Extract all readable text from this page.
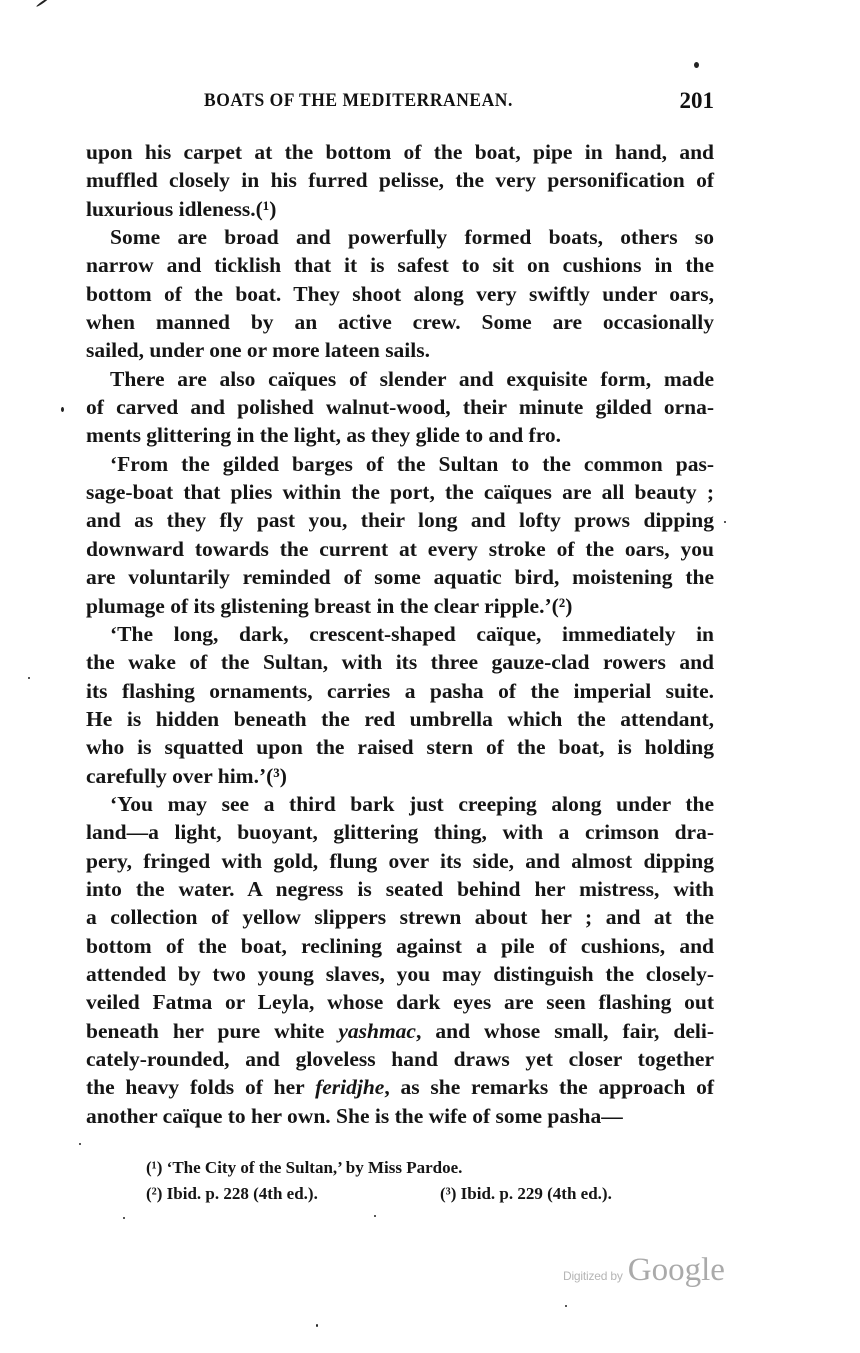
BOATS OF THE MEDITERRANEAN.	201
upon his carpet at the bottom of the boat, pipe in hand, and
muffled closely in his furred pelisse, the very personification of
luxurious idleness.(¹)
Some are broad and powerfully formed boats, others so
narrow and ticklish that it is safest to sit on cushions in the
bottom of the boat. They shoot along very swiftly under oars,
when manned by an active crew. Some are occasionally
sailed, under one or more lateen sails.
There are also caïques of slender and exquisite form, made
of carved and polished walnut-wood, their minute gilded orna-
ments glittering in the light, as they glide to and fro.
‘From the gilded barges of the Sultan to the common pas-
sage-boat that plies within the port, the caïques are all beauty ;
and as they fly past you, their long and lofty prows dipping
downward towards the current at every stroke of the oars, you
are voluntarily reminded of some aquatic bird, moistening the
plumage of its glistening breast in the clear ripple.’(²)
‘The long, dark, crescent-shaped caïque, immediately in
the wake of the Sultan, with its three gauze-clad rowers and
its flashing ornaments, carries a pasha of the imperial suite.
He is hidden beneath the red umbrella which the attendant,
who is squatted upon the raised stern of the boat, is holding
carefully over him.’(³)
‘You may see a third bark just creeping along under the
land—a light, buoyant, glittering thing, with a crimson dra-
pery, fringed with gold, flung over its side, and almost dipping
into the water. A negress is seated behind her mistress, with
a collection of yellow slippers strewn about her ; and at the
bottom of the boat, reclining against a pile of cushions, and
attended by two young slaves, you may distinguish the closely-
veiled Fatma or Leyla, whose dark eyes are seen flashing out
beneath her pure white yashmac, and whose small, fair, deli-
cately-rounded, and gloveless hand draws yet closer together
the heavy folds of her feridjhe, as she remarks the approach of
another caïque to her own. She is the wife of some pasha—
(¹) ‘The City of the Sultan,’ by Miss Pardoe.
(²) Ibid. p. 228 (4th ed.).	(³) Ibid. p. 229 (4th ed.).
Digitized by Google
